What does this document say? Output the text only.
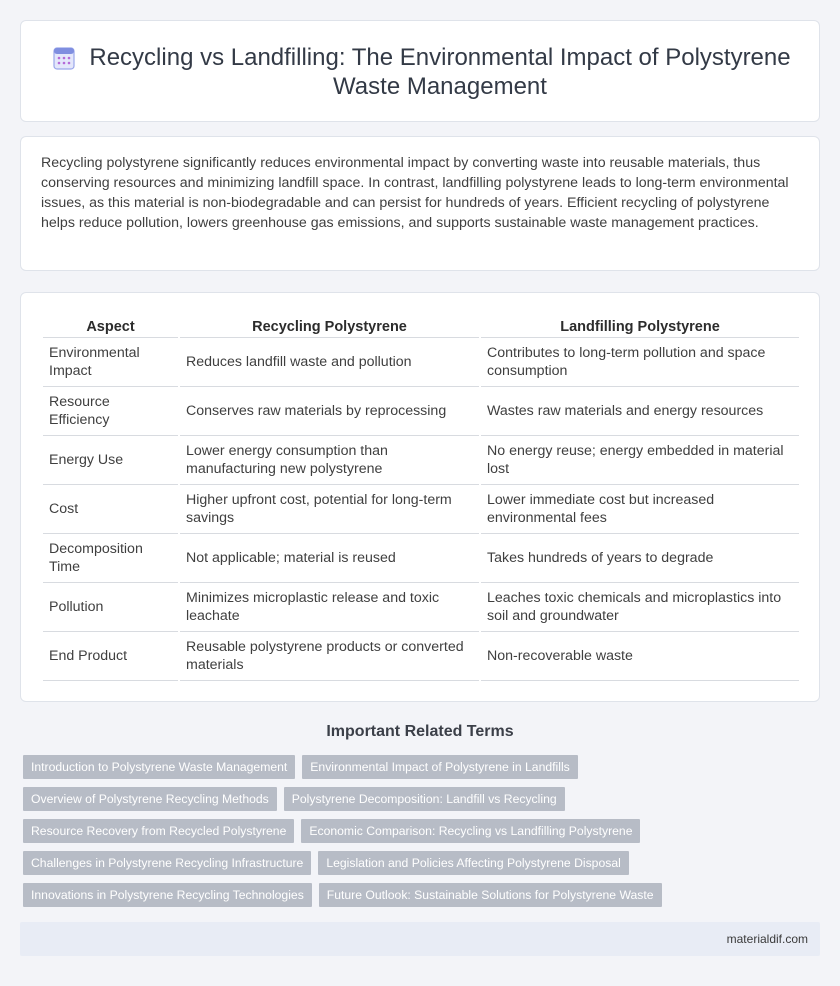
Recycling vs Landfilling: The Environmental Impact of Polystyrene Waste Management

Recycling polystyrene significantly reduces environmental impact by converting waste into reusable materials, thus conserving resources and minimizing landfill space. In contrast, landfilling polystyrene leads to long-term environmental issues, as this material is non-biodegradable and can persist for hundreds of years. Efficient recycling of polystyrene helps reduce pollution, lowers greenhouse gas emissions, and supports sustainable waste management practices.

Aspect	Recycling Polystyrene	Landfilling Polystyrene
Environmental Impact	Reduces landfill waste and pollution	Contributes to long-term pollution and space consumption
Resource Efficiency	Conserves raw materials by reprocessing	Wastes raw materials and energy resources
Energy Use	Lower energy consumption than manufacturing new polystyrene	No energy reuse; energy embedded in material lost
Cost	Higher upfront cost, potential for long-term savings	Lower immediate cost but increased environmental fees
Decomposition Time	Not applicable; material is reused	Takes hundreds of years to degrade
Pollution	Minimizes microplastic release and toxic leachate	Leaches toxic chemicals and microplastics into soil and groundwater
End Product	Reusable polystyrene products or converted materials	Non-recoverable waste
Important Related Terms
Introduction to Polystyrene Waste Management	Environmental Impact of Polystyrene in Landfills
Overview of Polystyrene Recycling Methods	Polystyrene Decomposition: Landfill vs Recycling
Resource Recovery from Recycled Polystyrene	Economic Comparison: Recycling vs Landfilling Polystyrene
Challenges in Polystyrene Recycling Infrastructure	Legislation and Policies Affecting Polystyrene Disposal
Innovations in Polystyrene Recycling Technologies	Future Outlook: Sustainable Solutions for Polystyrene Waste
materialdif.com
